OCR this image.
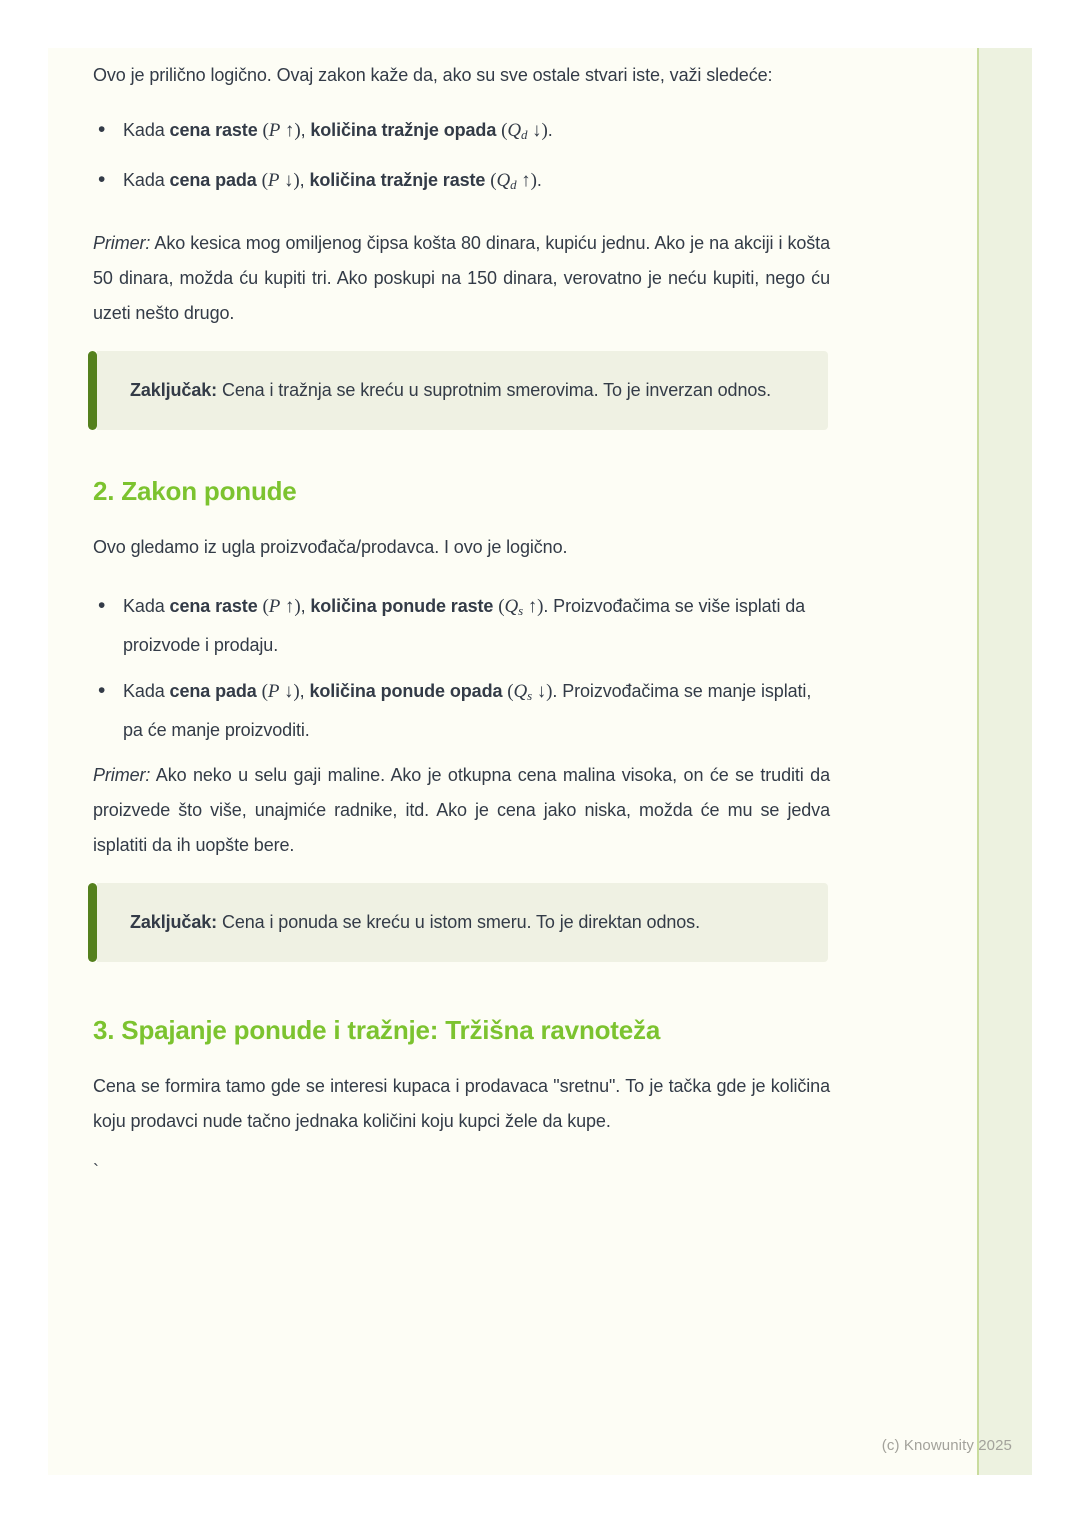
Ovo je prilično logično. Ovaj zakon kaže da, ako su sve ostale stvari iste, važi sledeće:

• Kada cena raste (P ↑), količina tražnje opada (Qd ↓).
• Kada cena pada (P ↓), količina tražnje raste (Qd ↑).

Primer: Ako kesica mog omiljenog čipsa košta 80 dinara, kupiću jednu. Ako je na akciji i košta 50 dinara, možda ću kupiti tri. Ako poskupi na 150 dinara, verovatno je neću kupiti, nego ću uzeti nešto drugo.

Zaključak: Cena i tražnja se kreću u suprotnim smerovima. To je inverzan odnos.

2. Zakon ponude

Ovo gledamo iz ugla proizvođača/prodavca. I ovo je logično.

• Kada cena raste (P ↑), količina ponude raste (Qs ↑). Proizvođačima se više isplati da proizvode i prodaju.
• Kada cena pada (P ↓), količina ponude opada (Qs ↓). Proizvođačima se manje isplati, pa će manje proizvoditi.

Primer: Ako neko u selu gaji maline. Ako je otkupna cena malina visoka, on će se truditi da proizvede što više, unajmiće radnike, itd. Ako je cena jako niska, možda će mu se jedva isplatiti da ih uopšte bere.

Zaključak: Cena i ponuda se kreću u istom smeru. To je direktan odnos.

3. Spajanje ponude i tražnje: Tržišna ravnoteža

Cena se formira tamo gde se interesi kupaca i prodavaca "sretnu". To je tačka gde je količina koju prodavci nude tačno jednaka količini koju kupci žele da kupe.

`

(c) Knowunity 2025
